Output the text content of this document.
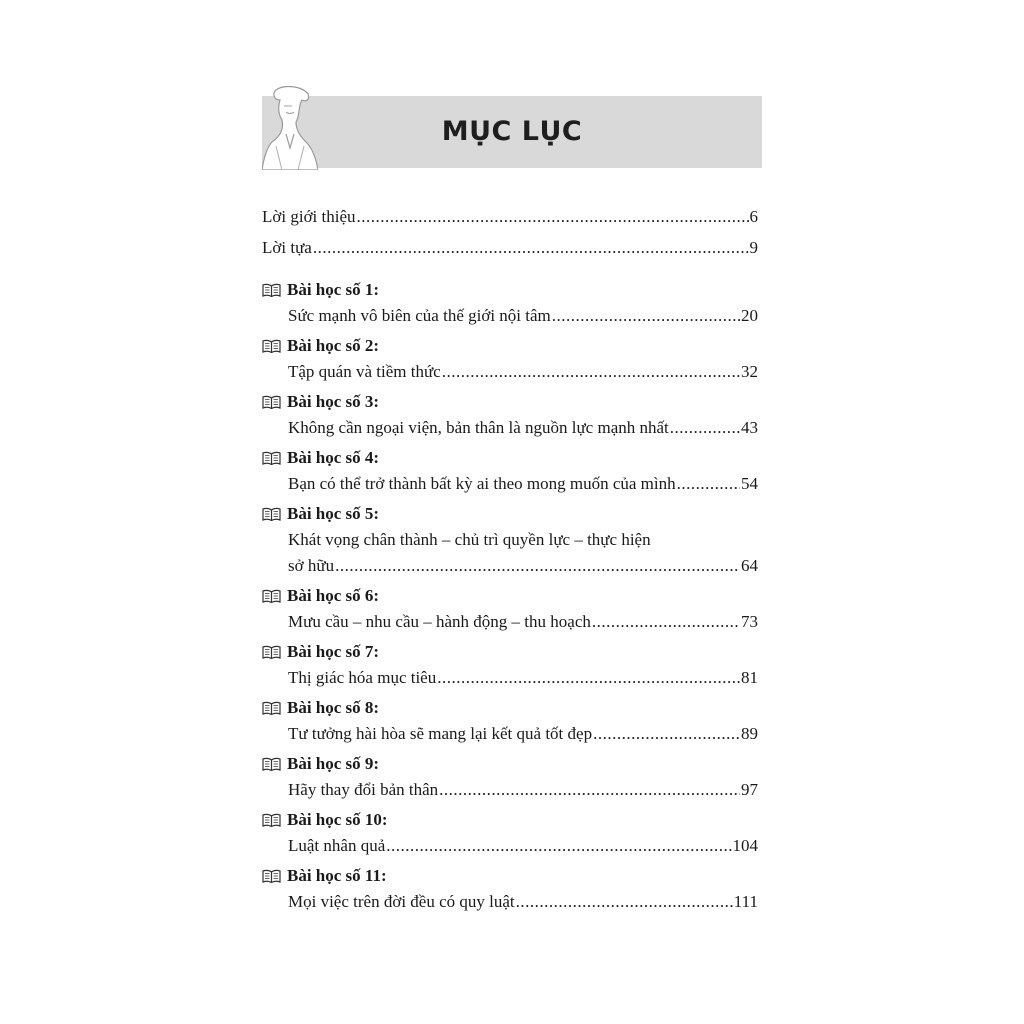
MỤC LỤC
Lời giới thiệu .....	6
Lời tựa .....	9
Bài học số 1:
Sức mạnh vô biên của thế giới nội tâm .....	20
Bài học số 2:
Tập quán và tiềm thức .....	32
Bài học số 3:
Không cần ngoại viện, bản thân là nguồn lực mạnh nhất .....	43
Bài học số 4:
Bạn có thể trở thành bất kỳ ai theo mong muốn của mình .....	54
Bài học số 5:
Khát vọng chân thành – chủ trì quyền lực – thực hiện
sở hữu .....	64
Bài học số 6:
Mưu cầu – nhu cầu – hành động – thu hoạch .....	73
Bài học số 7:
Thị giác hóa mục tiêu .....	81
Bài học số 8:
Tư tưởng hài hòa sẽ mang lại kết quả tốt đẹp .....	89
Bài học số 9:
Hãy thay đổi bản thân .....	97
Bài học số 10:
Luật nhân quả .....	104
Bài học số 11:
Mọi việc trên đời đều có quy luật .....	111
